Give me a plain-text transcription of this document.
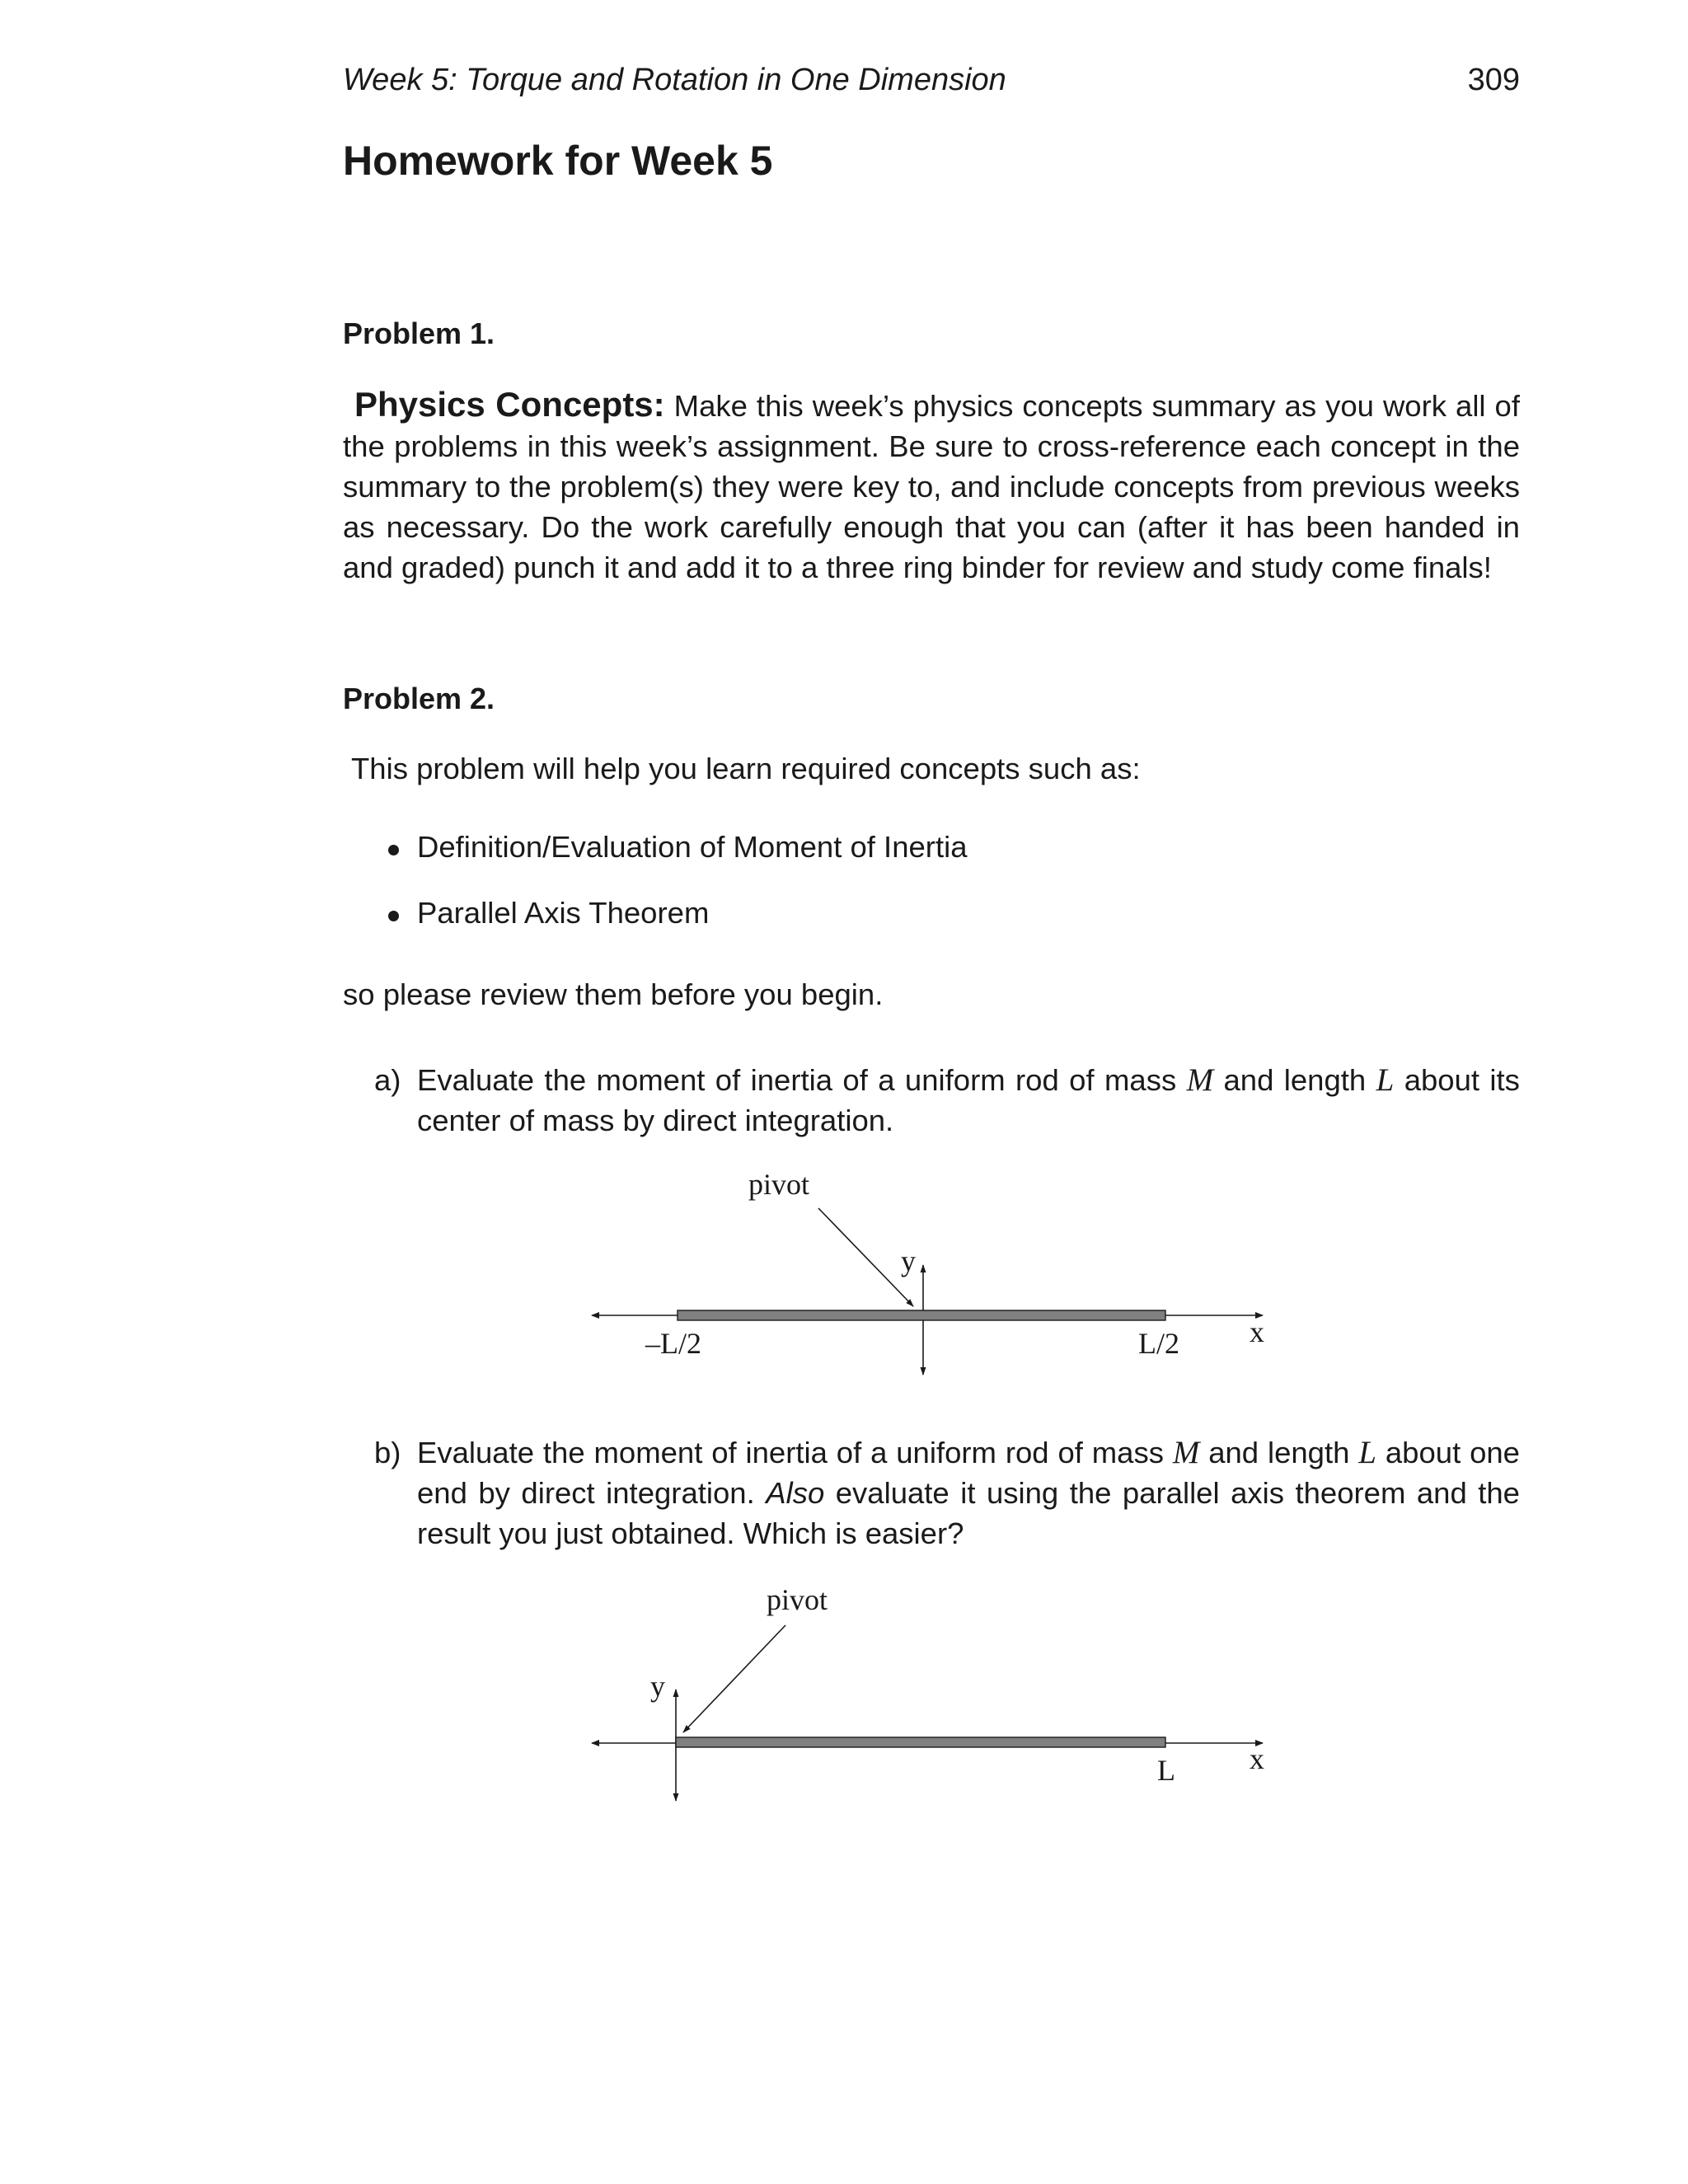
Week 5: Torque and Rotation in One Dimension	309
Homework for Week 5
Problem 1.

Physics Concepts: Make this week’s physics concepts summary as you work all of the problems in this week’s assignment. Be sure to cross-reference each concept in the summary to the problem(s) they were key to, and include concepts from previous weeks as necessary. Do the work carefully enough that you can (after it has been handed in and graded) punch it and add it to a three ring binder for review and study come finals!

Problem 2.

This problem will help you learn required concepts such as:

Definition/Evaluation of Moment of Inertia
Parallel Axis Theorem

so please review them before you begin.

a) Evaluate the moment of inertia of a uniform rod of mass M and length L about its center of mass by direct integration.
pivot
y
x
–L/2	L/2
b) Evaluate the moment of inertia of a uniform rod of mass M and length L about one end by direct integration. Also evaluate it using the parallel axis theorem and the result you just obtained. Which is easier?
pivot
y
x
L
